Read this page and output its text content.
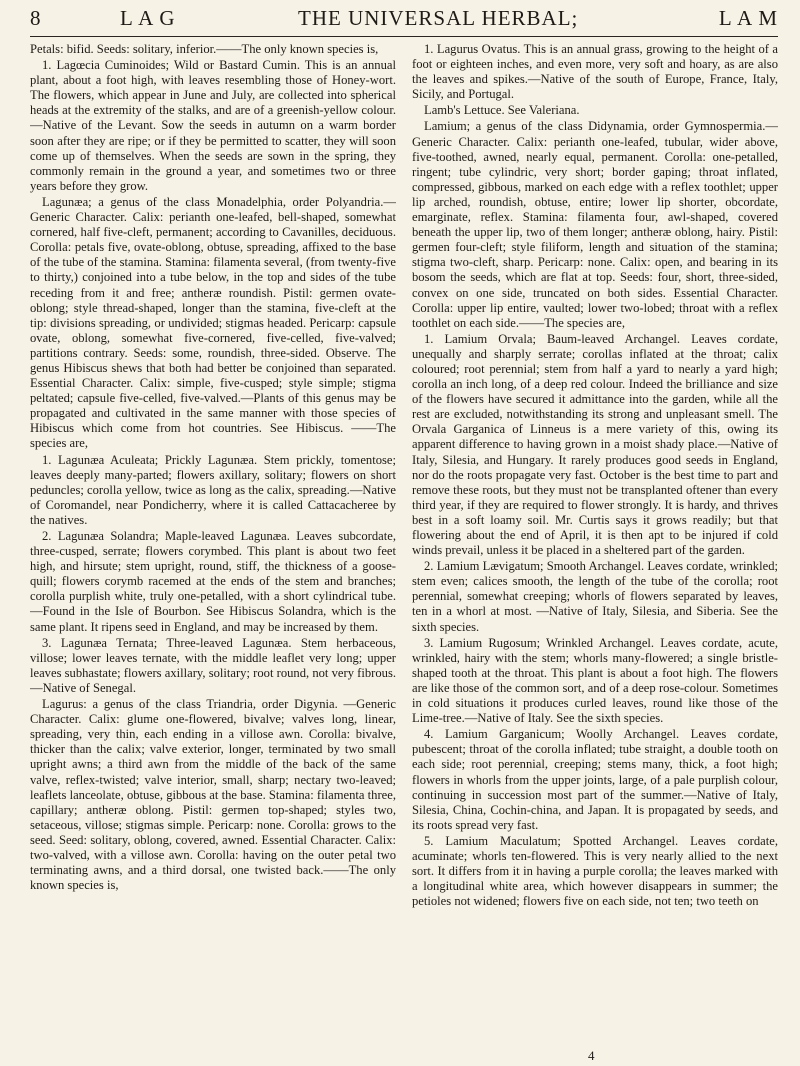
8	L A G	THE UNIVERSAL HERBAL;	L A M

Petals: bifid. Seeds: solitary, inferior.——The only known species is,

1. Lagœcia Cuminoides; Wild or Bastard Cumin. This is an annual plant, about a foot high, with leaves resembling those of Honey-wort. The flowers, which appear in June and July, are collected into spherical heads at the extremity of the stalks, and are of a greenish-yellow colour.—Native of the Levant. Sow the seeds in autumn on a warm border soon after they are ripe; or if they be permitted to scatter, they will soon come up of themselves. When the seeds are sown in the spring, they commonly remain in the ground a year, and sometimes two or three years before they grow.

Lagunæa; a genus of the class Monadelphia, order Polyandria.—Generic Character. Calix: perianth one-leafed, bell-shaped, somewhat cornered, half five-cleft, permanent; according to Cavanilles, deciduous. Corolla: petals five, ovate-oblong, obtuse, spreading, affixed to the base of the tube of the stamina. Stamina: filamenta several, (from twenty-five to thirty,) conjoined into a tube below, in the top and sides of the tube receding from it and free; antheræ roundish. Pistil: germen ovate-oblong; style thread-shaped, longer than the stamina, five-cleft at the tip: divisions spreading, or undivided; stigmas headed. Pericarp: capsule ovate, oblong, somewhat five-cornered, five-celled, five-valved; partitions contrary. Seeds: some, roundish, three-sided. Observe. The genus Hibiscus shews that both had better be conjoined than separated. Essential Character. Calix: simple, five-cusped; style simple; stigma peltated; capsule five-celled, five-valved.—Plants of this genus may be propagated and cultivated in the same manner with those species of Hibiscus which come from hot countries. See Hibiscus. ——The species are,

1. Lagunæa Aculeata; Prickly Lagunæa. Stem prickly, tomentose; leaves deeply many-parted; flowers axillary, solitary; flowers on short peduncles; corolla yellow, twice as long as the calix, spreading.—Native of Coromandel, near Pondicherry, where it is called Cattacacheree by the natives.

2. Lagunæa Solandra; Maple-leaved Lagunæa. Leaves subcordate, three-cusped, serrate; flowers corymbed. This plant is about two feet high, and hirsute; stem upright, round, stiff, the thickness of a goose-quill; flowers corymb racemed at the ends of the stem and branches; corolla purplish white, truly one-petalled, with a short cylindrical tube. —Found in the Isle of Bourbon. See Hibiscus Solandra, which is the same plant. It ripens seed in England, and may be increased by them.

3. Lagunæa Ternata; Three-leaved Lagunæa. Stem herbaceous, villose; lower leaves ternate, with the middle leaflet very long; upper leaves subhastate; flowers axillary, solitary; root round, not very fibrous.—Native of Senegal.

Lagurus: a genus of the class Triandria, order Digynia. —Generic Character. Calix: glume one-flowered, bivalve; valves long, linear, spreading, very thin, each ending in a villose awn. Corolla: bivalve, thicker than the calix; valve exterior, longer, terminated by two small upright awns; a third awn from the middle of the back of the same valve, reflex-twisted; valve interior, small, sharp; nectary two-leaved; leaflets lanceolate, obtuse, gibbous at the base. Stamina: filamenta three, capillary; antheræ oblong. Pistil: germen top-shaped; styles two, setaceous, villose; stigmas simple. Pericarp: none. Corolla: grows to the seed. Seed: solitary, oblong, covered, awned. Essential Character. Calix: two-valved, with a villose awn. Corolla: having on the outer petal two terminating awns, and a third dorsal, one twisted back.——The only known species is,

1. Lagurus Ovatus. This is an annual grass, growing to the height of a foot or eighteen inches, and even more, very soft and hoary, as are also the leaves and spikes.—Native of the south of Europe, France, Italy, Sicily, and Portugal.

Lamb's Lettuce. See Valeriana.

Lamium; a genus of the class Didynamia, order Gymnospermia.—Generic Character. Calix: perianth one-leafed, tubular, wider above, five-toothed, awned, nearly equal, permanent. Corolla: one-petalled, ringent; tube cylindric, very short; border gaping; throat inflated, compressed, gibbous, marked on each edge with a reflex toothlet; upper lip arched, roundish, obtuse, entire; lower lip shorter, obcordate, emarginate, reflex. Stamina: filamenta four, awl-shaped, covered beneath the upper lip, two of them longer; antheræ oblong, hairy. Pistil: germen four-cleft; style filiform, length and situation of the stamina; stigma two-cleft, sharp. Pericarp: none. Calix: open, and bearing in its bosom the seeds, which are flat at top. Seeds: four, short, three-sided, convex on one side, truncated on both sides. Essential Character. Corolla: upper lip entire, vaulted; lower two-lobed; throat with a reflex toothlet on each side.——The species are,

1. Lamium Orvala; Baum-leaved Archangel. Leaves cordate, unequally and sharply serrate; corollas inflated at the throat; calix coloured; root perennial; stem from half a yard to nearly a yard high; corolla an inch long, of a deep red colour. Indeed the brilliance and size of the flowers have secured it admittance into the garden, while all the rest are excluded, notwithstanding its strong and unpleasant smell. The Orvala Garganica of Linneus is a mere variety of this, owing its apparent difference to having grown in a moist shady place.—Native of Italy, Silesia, and Hungary. It rarely produces good seeds in England, nor do the roots propagate very fast. October is the best time to part and remove these roots, but they must not be transplanted oftener than every third year, if they are required to flower strongly. It is hardy, and thrives best in a soft loamy soil. Mr. Curtis says it grows readily; but that flowering about the end of April, it is then apt to be injured if cold winds prevail, unless it be placed in a sheltered part of the garden.

2. Lamium Lævigatum; Smooth Archangel. Leaves cordate, wrinkled; stem even; calices smooth, the length of the tube of the corolla; root perennial, somewhat creeping; whorls of flowers separated by leaves, ten in a whorl at most. —Native of Italy, Silesia, and Siberia. See the sixth species.

3. Lamium Rugosum; Wrinkled Archangel. Leaves cordate, acute, wrinkled, hairy with the stem; whorls many-flowered; a single bristle-shaped tooth at the throat. This plant is about a foot high. The flowers are like those of the common sort, and of a deep rose-colour. Sometimes in cold situations it produces curled leaves, round like those of the Lime-tree.—Native of Italy. See the sixth species.

4. Lamium Garganicum; Woolly Archangel. Leaves cordate, pubescent; throat of the corolla inflated; tube straight, a double tooth on each side; root perennial, creeping; stems many, thick, a foot high; flowers in whorls from the upper joints, large, of a pale purplish colour, continuing in succession most part of the summer.—Native of Italy, Silesia, China, Cochin-china, and Japan. It is propagated by seeds, and its roots spread very fast.

5. Lamium Maculatum; Spotted Archangel. Leaves cordate, acuminate; whorls ten-flowered. This is very nearly allied to the next sort. It differs from it in having a purple corolla; the leaves marked with a longitudinal white area, which however disappears in summer; the petioles not widened; flowers five on each side, not ten; two teeth on

4
